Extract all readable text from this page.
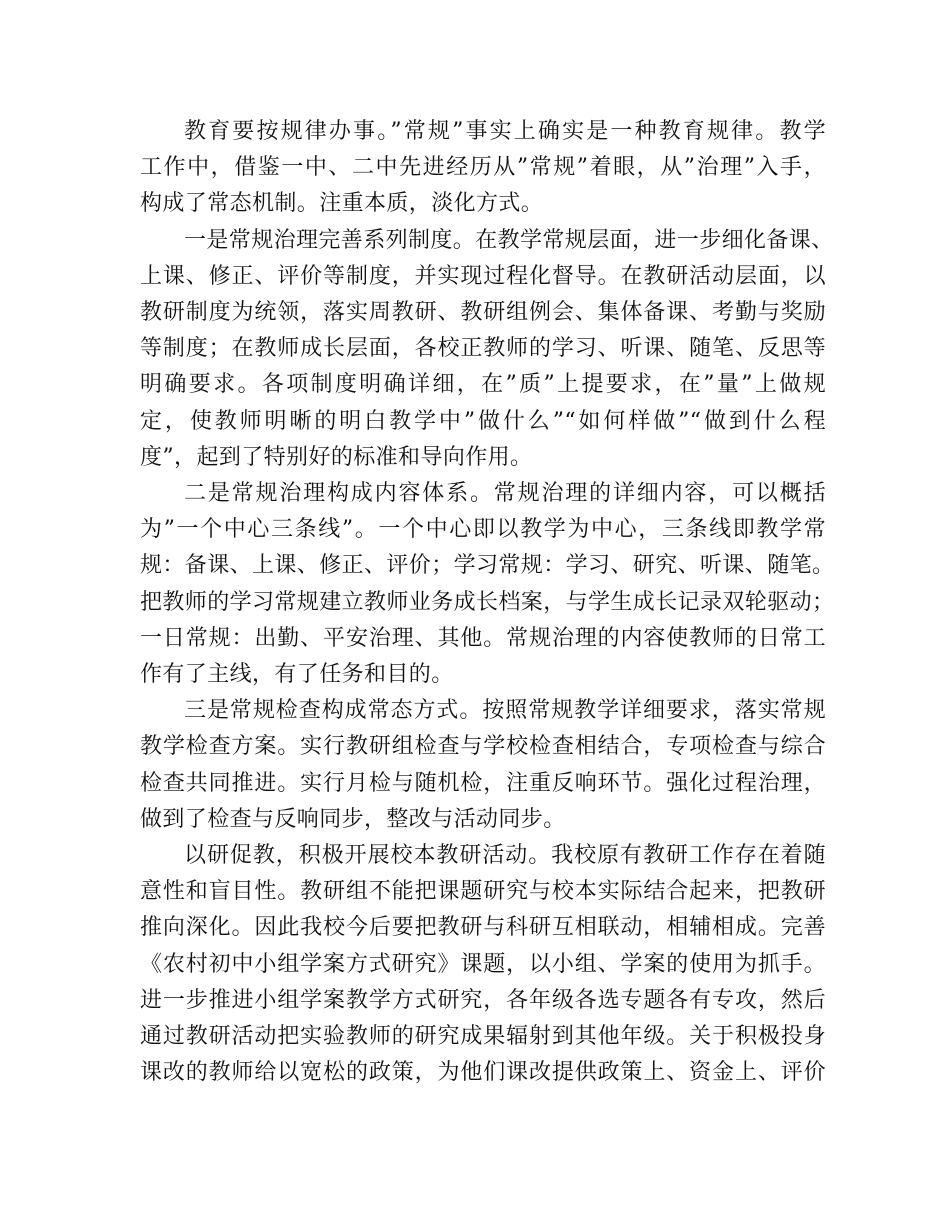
教育要按规律办事。”常规”事实上确实是一种教育规律。教学
工作中，借鉴一中、二中先进经历从”常规”着眼，从”治理”入手，
构成了常态机制。注重本质，淡化方式。

一是常规治理完善系列制度。在教学常规层面，进一步细化备课、
上课、修正、评价等制度，并实现过程化督导。在教研活动层面，以
教研制度为统领，落实周教研、教研组例会、集体备课、考勤与奖励
等制度；在教师成长层面，各校正教师的学习、听课、随笔、反思等
明确要求。各项制度明确详细，在”质”上提要求，在”量”上做规
定，使教师明晰的明白教学中”做什么”“如何样做”“做到什么程
度”，起到了特别好的标准和导向作用。

二是常规治理构成内容体系。常规治理的详细内容，可以概括
为”一个中心三条线”。一个中心即以教学为中心，三条线即教学常
规：备课、上课、修正、评价；学习常规：学习、研究、听课、随笔。
把教师的学习常规建立教师业务成长档案，与学生成长记录双轮驱动；
一日常规：出勤、平安治理、其他。常规治理的内容使教师的日常工
作有了主线，有了任务和目的。

三是常规检查构成常态方式。按照常规教学详细要求，落实常规
教学检查方案。实行教研组检查与学校检查相结合，专项检查与综合
检查共同推进。实行月检与随机检，注重反响环节。强化过程治理，
做到了检查与反响同步，整改与活动同步。

以研促教，积极开展校本教研活动。我校原有教研工作存在着随
意性和盲目性。教研组不能把课题研究与校本实际结合起来，把教研
推向深化。因此我校今后要把教研与科研互相联动，相辅相成。完善
《农村初中小组学案方式研究》课题，以小组、学案的使用为抓手。
进一步推进小组学案教学方式研究，各年级各选专题各有专攻，然后
通过教研活动把实验教师的研究成果辐射到其他年级。关于积极投身
课改的教师给以宽松的政策，为他们课改提供政策上、资金上、评价
